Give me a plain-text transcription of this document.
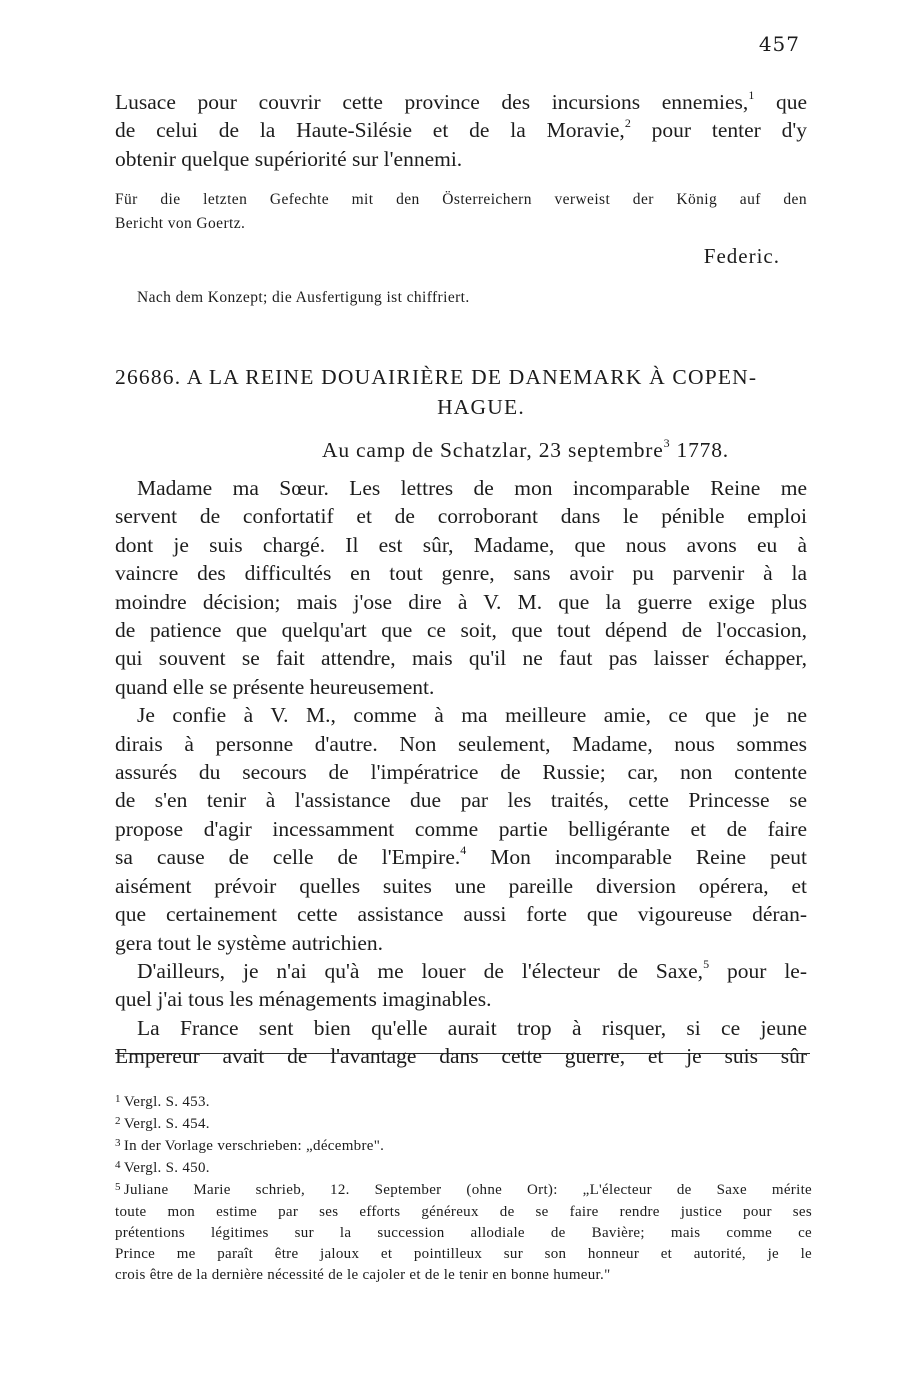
457
Lusace pour couvrir cette province des incursions ennemies,$^1$ que
de celui de la Haute-Silésie et de la Moravie,$^2$ pour tenter d'y
obtenir quelque supériorité sur l'ennemi.
Für die letzten Gefechte mit den Österreichern verweist der König auf den
Bericht von Goertz.
Federic.
Nach dem Konzept; die Ausfertigung ist chiffriert.
26686. A LA REINE DOUAIRIÈRE DE DANEMARK À COPEN-
HAGUE.
Au camp de Schatzlar, 23 septembre$^3$ 1778.
Madame ma Sœur. Les lettres de mon incomparable Reine me
servent de confortatif et de corroborant dans le pénible emploi
dont je suis chargé. Il est sûr, Madame, que nous avons eu à
vaincre des difficultés en tout genre, sans avoir pu parvenir à la
moindre décision; mais j'ose dire à V. M. que la guerre exige plus
de patience que quelqu'art que ce soit, que tout dépend de l'occasion,
qui souvent se fait attendre, mais qu'il ne faut pas laisser échapper,
quand elle se présente heureusement.
Je confie à V. M., comme à ma meilleure amie, ce que je ne
dirais à personne d'autre. Non seulement, Madame, nous sommes
assurés du secours de l'impératrice de Russie; car, non contente
de s'en tenir à l'assistance due par les traités, cette Princesse se
propose d'agir incessamment comme partie belligérante et de faire
sa cause de celle de l'Empire.$^4$ Mon incomparable Reine peut
aisément prévoir quelles suites une pareille diversion opérera, et
que certainement cette assistance aussi forte que vigoureuse déran-
gera tout le système autrichien.
D'ailleurs, je n'ai qu'à me louer de l'électeur de Saxe,$^5$ pour le-
quel j'ai tous les ménagements imaginables.
La France sent bien qu'elle aurait trop à risquer, si ce jeune
Empereur avait de l'avantage dans cette guerre, et je suis sûr
$^1$ Vergl. S. 453.
$^2$ Vergl. S. 454.
$^3$ In der Vorlage verschrieben: „décembre".
$^4$ Vergl. S. 450.
$^5$ Juliane Marie schrieb, 12. September (ohne Ort): „L'électeur de Saxe mérite
toute mon estime par ses efforts généreux de se faire rendre justice pour ses
prétentions légitimes sur la succession allodiale de Bavière; mais comme ce
Prince me paraît être jaloux et pointilleux sur son honneur et autorité, je le
crois être de la dernière nécessité de le cajoler et de le tenir en bonne humeur."
